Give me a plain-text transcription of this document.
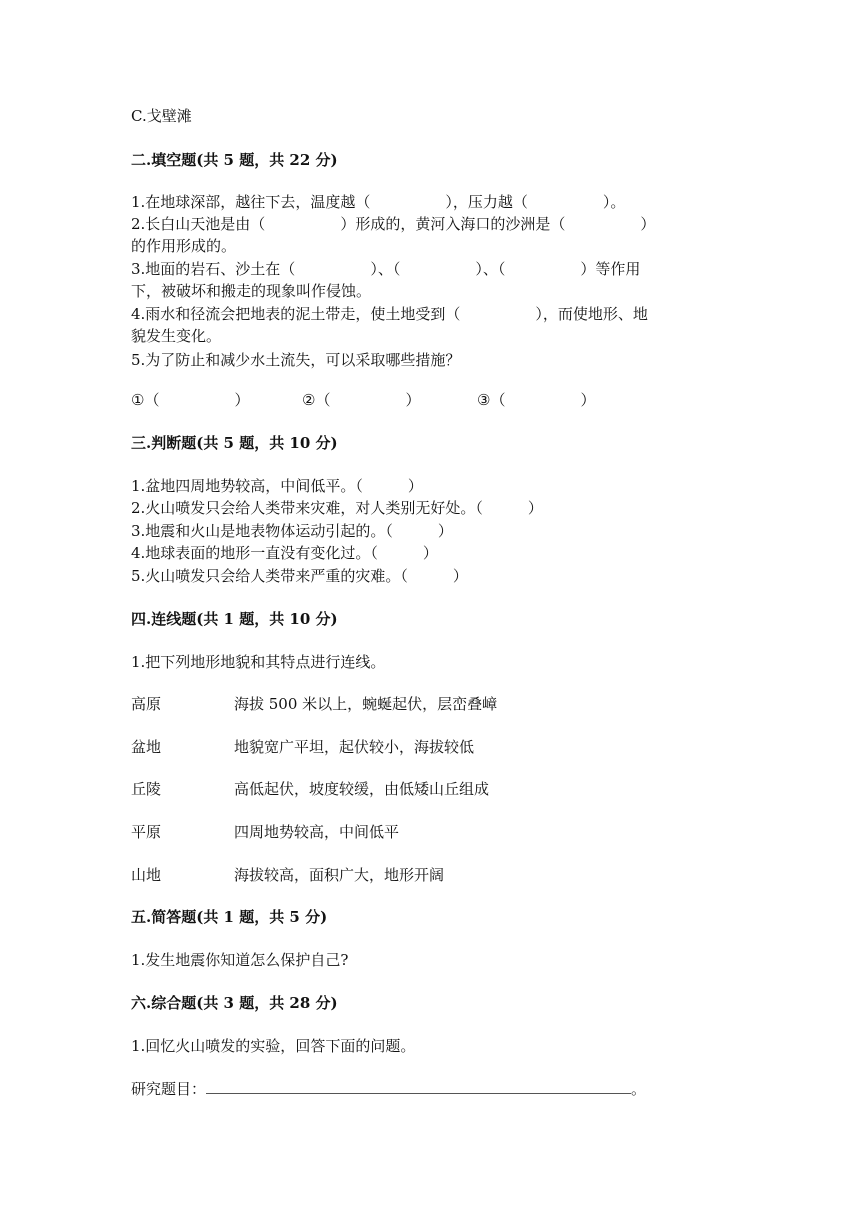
C.戈壁滩
二.填空题(共 5 题，共 22 分)
1.在地球深部，越往下去，温度越（　　　　　），压力越（　　　　　）。
2.长白山天池是由（　　　　　）形成的，黄河入海口的沙洲是（　　　　　）
的作用形成的。
3.地面的岩石、沙土在（　　　　　）、（　　　　　）、（　　　　　）等作用
下，被破坏和搬走的现象叫作侵蚀。
4.雨水和径流会把地表的泥土带走，使土地受到（　　　　　），而使地形、地
貌发生变化。
5.为了防止和减少水土流失，可以采取哪些措施？
①（　　　　　）	②（　　　　　）	③（　　　　　）
三.判断题(共 5 题，共 10 分)
1.盆地四周地势较高，中间低平。（　　　）
2.火山喷发只会给人类带来灾难，对人类别无好处。（　　　）
3.地震和火山是地表物体运动引起的。（　　　）
4.地球表面的地形一直没有变化过。（　　　）
5.火山喷发只会给人类带来严重的灾难。（　　　）
四.连线题(共 1 题，共 10 分)
1.把下列地形地貌和其特点进行连线。
高原	海拔 500 米以上，蜿蜒起伏，层峦叠嶂
盆地	地貌宽广平坦，起伏较小，海拔较低
丘陵	高低起伏，坡度较缓，由低矮山丘组成
平原	四周地势较高，中间低平
山地	海拔较高，面积广大，地形开阔
五.简答题(共 1 题，共 5 分)
1.发生地震你知道怎么保护自己?
六.综合题(共 3 题，共 28 分)
1.回忆火山喷发的实验，回答下面的问题。
研究题目：	。
